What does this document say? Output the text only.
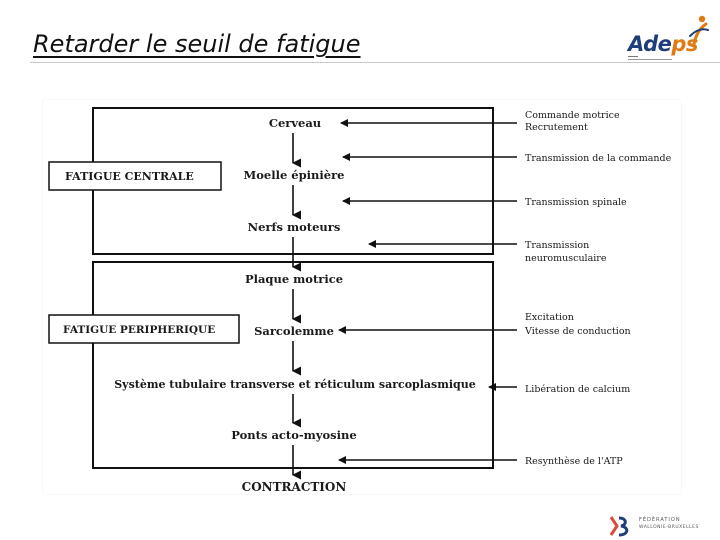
Retarder le seuil de fatigue	Adeps
FATIGUE CENTRALE
FATIGUE PERIPHERIQUE
Cerveau
Moelle épinière
Nerfs moteurs
Plaque motrice
Sarcolemme
Système tubulaire transverse et réticulum sarcoplasmique
Ponts acto-myosine
CONTRACTION
Commande motrice Recrutement
Transmission de la commande
Transmission spinale
Transmission neuromusculaire
Excitation Vitesse de conduction
Libération de calcium
Resynthèse de l'ATP
FÉDÉRATION
WALLONIE-BRUXELLES
